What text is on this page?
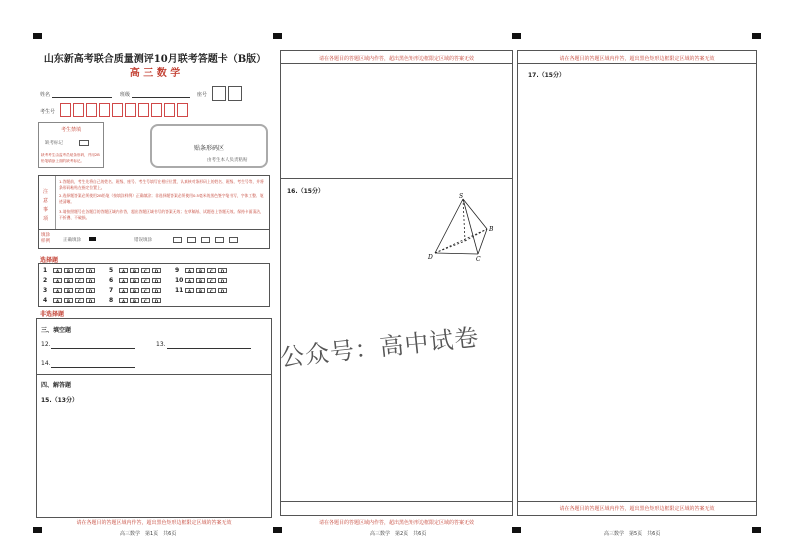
山东新高考联合质量测评10月联考答题卡（B版）
高 三 数 学
姓名	班级	座号
考生号
考生禁填
缺考标记
缺考考生由监考员贴条形码，并用2B铅笔填涂上面的缺考标记。
贴条形码区
由考生本人负责粘贴
注意事项
1.答题前，考生先将自己的姓名、班级、座号、考生号填写在相应位置，认真核对条形码上的姓名、班级、考生号等，并将条形码粘贴在指定位置上。
2.选择题答案必须使用2B铅笔（按填涂样例）正确填涂；非选择题答案必须使用0.5毫米的黑色签字笔书写，字体工整、笔迹清晰。
3.请按照题号在各题目的答题区域内作答，超出答题区域书写的答案无效；在草稿纸、试题卷上答题无效。保持卡面清洁，不折叠、不破损。
填涂样例	正确填涂	错误填涂
选择题
1	A	B	C	D
2	A	B	C	D
3	A	B	C	D
4	A	B	C	D
5	A	B	C	D
6	A	B	C	D
7	A	B	C	D
8	A	B	C	D
9	A	B	C	D
10	A	B	C	D
11	A	B	C	D
非选择题
三、填空题
12.	13.
14.
四、解答题
15.（13分）
请在各题目的答题区域内作答，超出黑色矩形边框限定区域的答案无效
高三数学　第1页　共6页
请在各题目的答题区域内作答，超出黑色矩形边框限定区域的答案无效
16.（15分）
S
B
D	C
请在各题目的答题区域内作答，超出黑色矩形边框限定区域的答案无效
高三数学　第2页　共6页
请在各题目的答题区域内作答，超出黑色矩形边框限定区域的答案无效
17.（15分）
请在各题目的答题区域内作答，超出黑色矩形边框限定区域的答案无效
高三数学　第5页　共6页
公众号：高中试卷
